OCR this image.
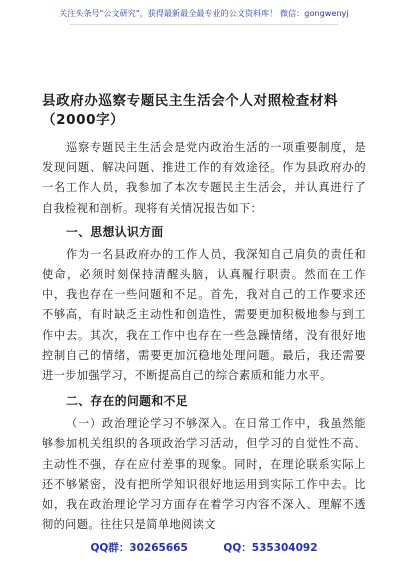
关注头条号"公文研究"，获得最新最全最专业的公文资料库！ 微信：gongwenyj
县政府办巡察专题民主生活会个人对照检查材料（2000字）

巡察专题民主生活会是党内政治生活的一项重要制度，是发现问题、解决问题、推进工作的有效途径。作为县政府办的一名工作人员，我参加了本次专题民主生活会，并认真进行了自我检视和剖析。现将有关情况报告如下：

一、思想认识方面

作为一名县政府办的工作人员，我深知自己肩负的责任和使命，必须时刻保持清醒头脑，认真履行职责。然而在工作中，我也存在一些问题和不足。首先，我对自己的工作要求还不够高，有时缺乏主动性和创造性，需要更加积极地参与到工作中去。其次，我在工作中也存在一些急躁情绪，没有很好地控制自己的情绪，需要更加沉稳地处理问题。最后，我还需要进一步加强学习，不断提高自己的综合素质和能力水平。

二、存在的问题和不足

（一）政治理论学习不够深入。在日常工作中，我虽然能够参加机关组织的各项政治学习活动，但学习的自觉性不高、主动性不强，存在应付差事的现象。同时，在理论联系实际上还不够紧密，没有把所学知识很好地运用到实际工作中去。比如，我在政治理论学习方面存在着学习内容不深入、理解不透彻的问题。往往只是简单地阅读文

QQ群：30265665	QQ：535304092
